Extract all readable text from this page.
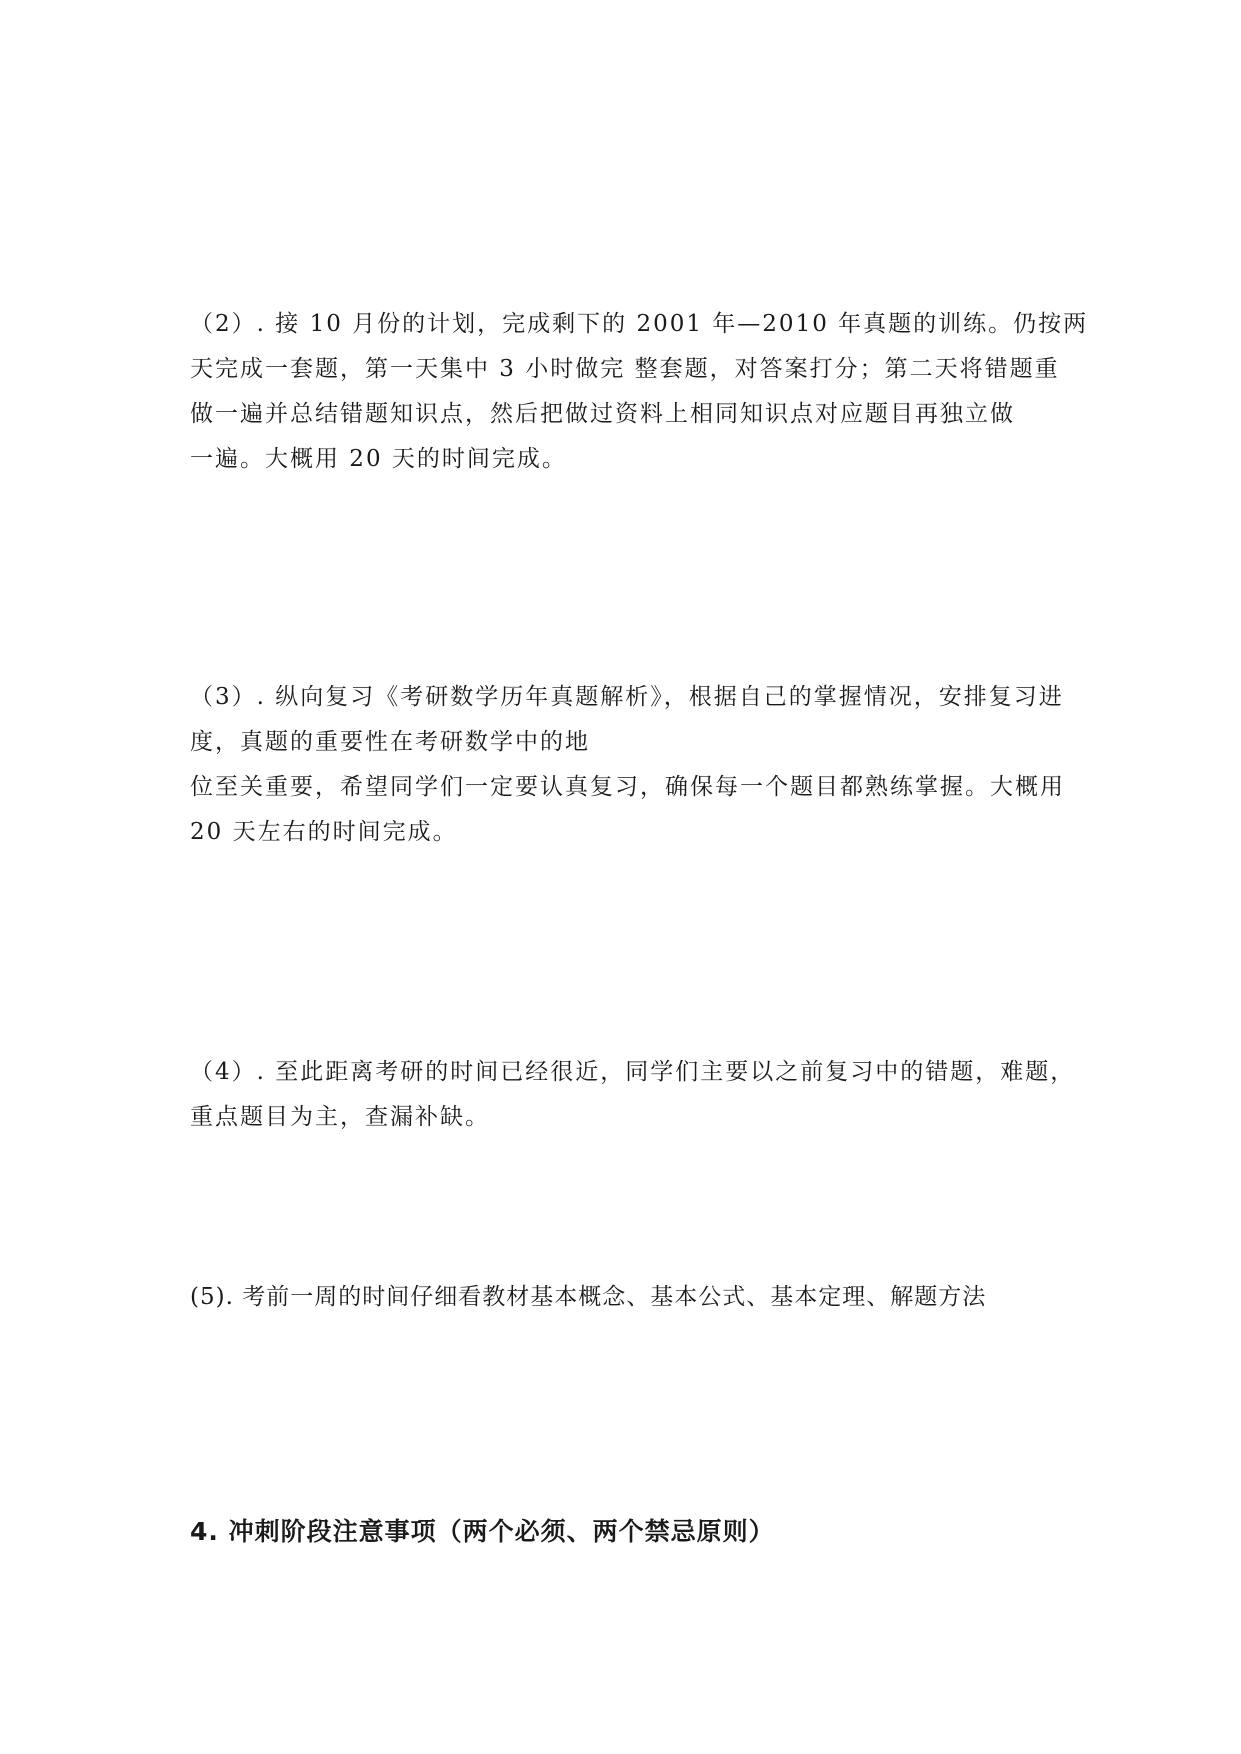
（2）. 接 10 月份的计划，完成剩下的 2001 年—2010 年真题的训练。仍按两
天完成一套题，第一天集中 3 小时做完 整套题，对答案打分；第二天将错题重
做一遍并总结错题知识点，然后把做过资料上相同知识点对应题目再独立做
一遍。大概用 20 天的时间完成。
（3）. 纵向复习《考研数学历年真题解析》，根据自己的掌握情况，安排复习进
度，真题的重要性在考研数学中的地
位至关重要，希望同学们一定要认真复习，确保每一个题目都熟练掌握。大概用
20 天左右的时间完成。
（4）. 至此距离考研的时间已经很近，同学们主要以之前复习中的错题，难题，
重点题目为主，查漏补缺。
(5). 考前一周的时间仔细看教材基本概念、基本公式、基本定理、解题方法
4. 冲刺阶段注意事项（两个必须、两个禁忌原则）
